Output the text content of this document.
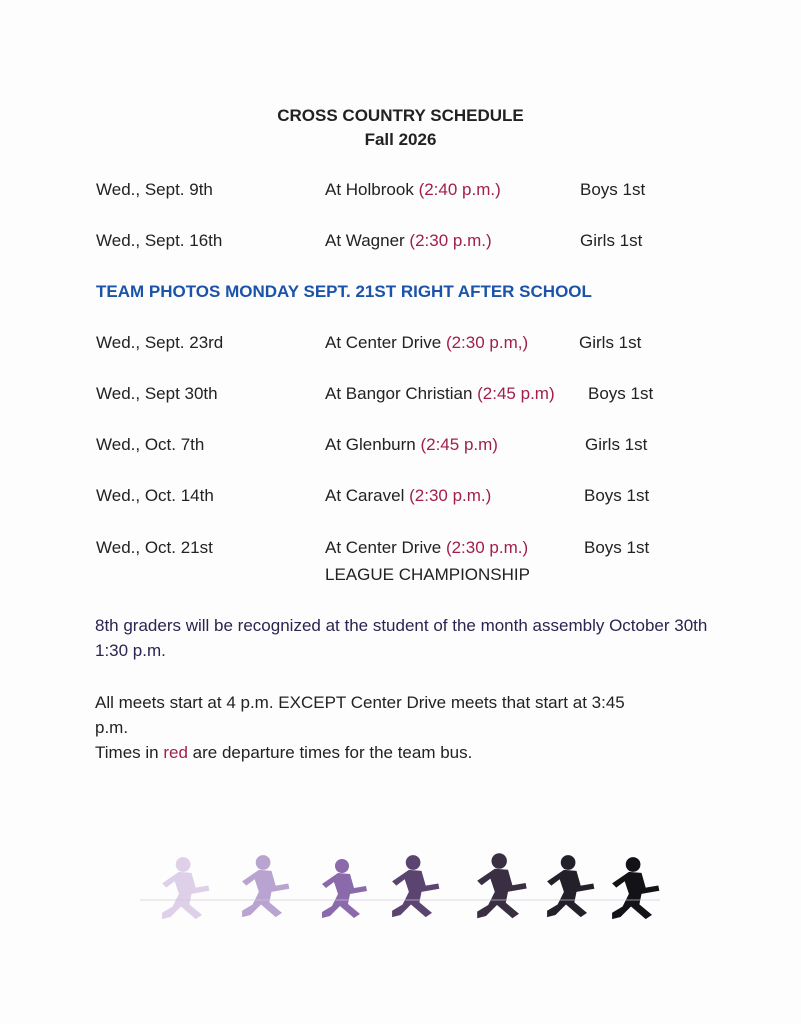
CROSS COUNTRY SCHEDULE
Fall 2026
Wed., Sept. 9th	At Holbrook (2:40 p.m.)	Boys 1st
Wed., Sept. 16th	At Wagner (2:30 p.m.)	Girls 1st
TEAM PHOTOS MONDAY SEPT. 21ST RIGHT AFTER SCHOOL
Wed., Sept. 23rd	At Center Drive (2:30 p.m,)	Girls 1st
Wed., Sept 30th	At Bangor Christian (2:45 p.m) Boys 1st
Wed., Oct. 7th	At Glenburn (2:45 p.m)	Girls 1st
Wed., Oct. 14th	At Caravel (2:30 p.m.)	Boys 1st
Wed., Oct. 21st	At Center Drive (2:30 p.m.)	Boys 1st
LEAGUE CHAMPIONSHIP
8th graders will be recognized at the student of the month assembly October 30th 1:30 p.m.
All meets start at 4 p.m. EXCEPT Center Drive meets that start at 3:45
p.m.
Times in red are departure times for the team bus.
